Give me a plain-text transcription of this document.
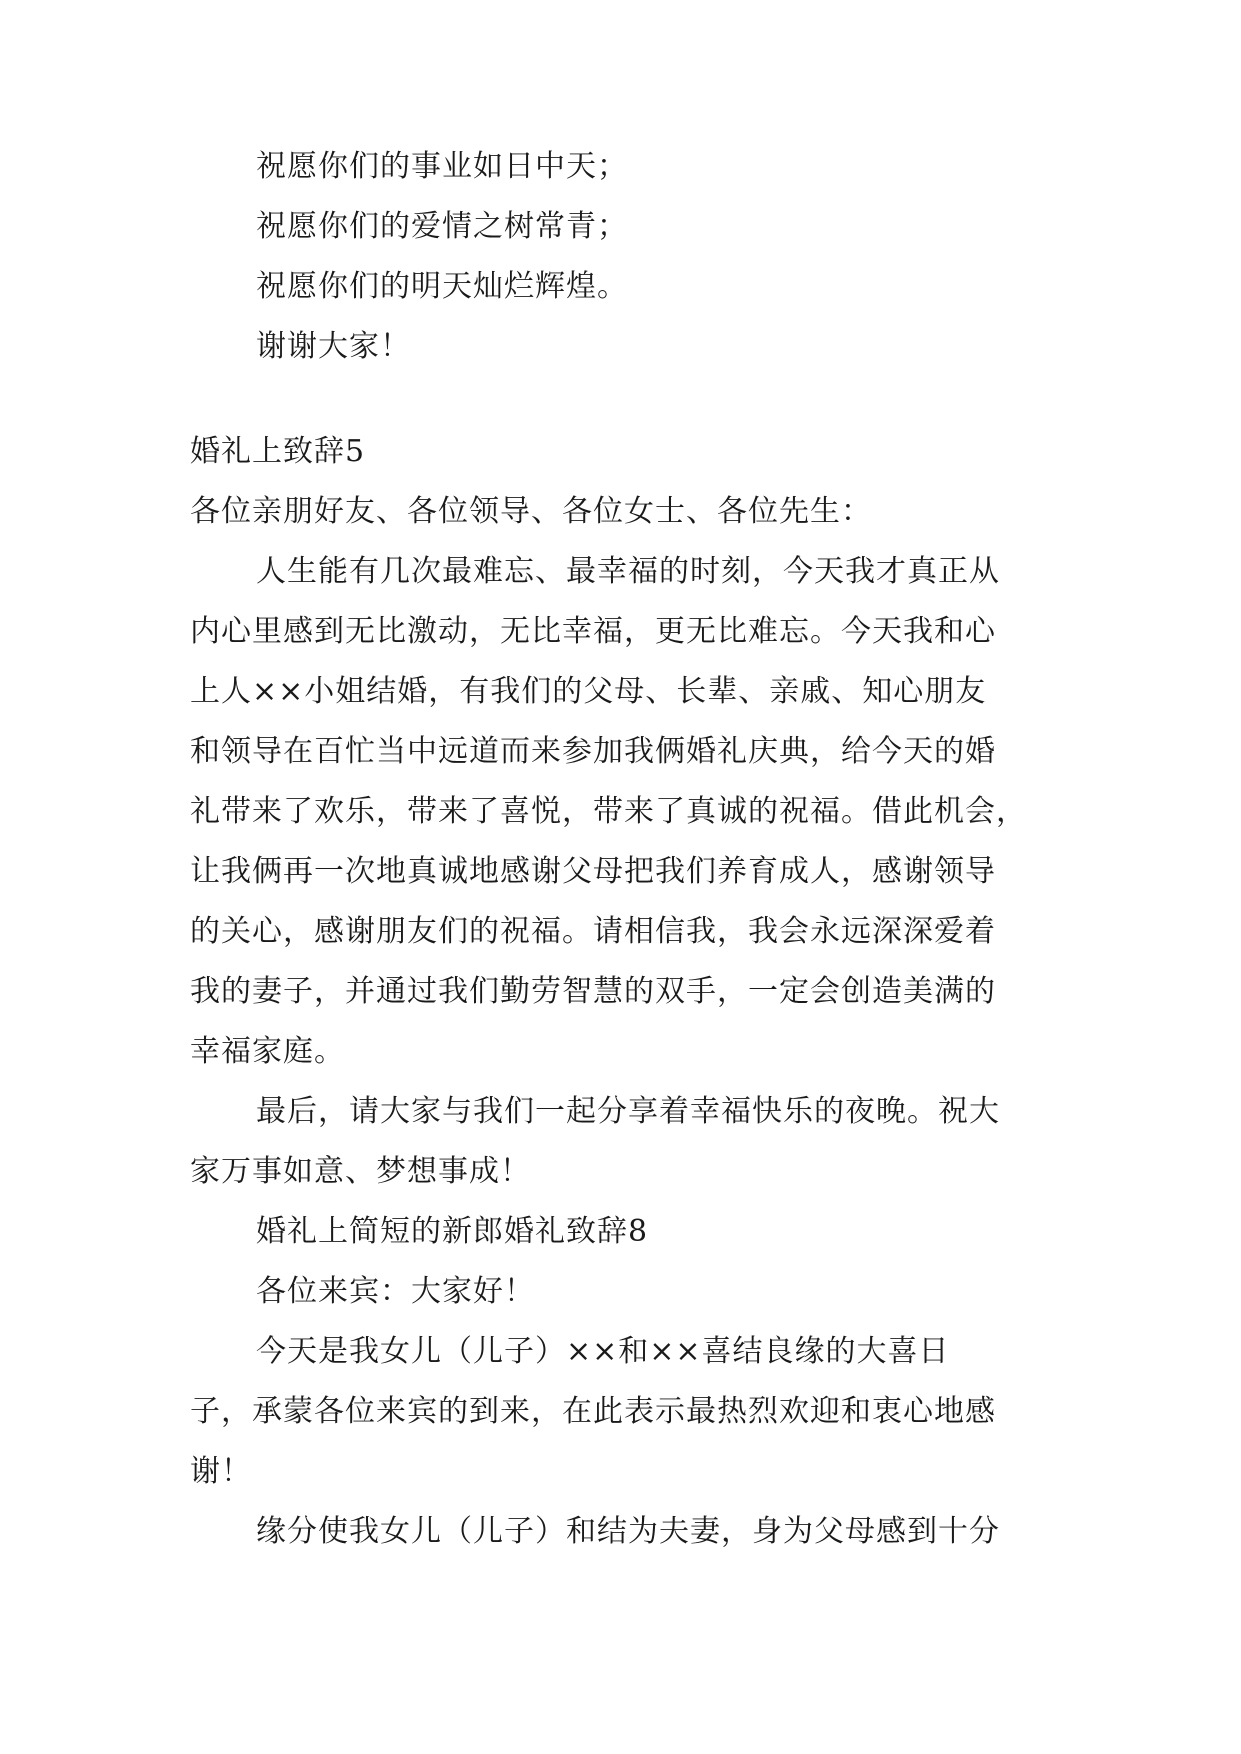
祝愿你们的事业如日中天；
祝愿你们的爱情之树常青；
祝愿你们的明天灿烂辉煌。
谢谢大家！
婚礼上致辞5
各位亲朋好友、各位领导、各位女士、各位先生：
人生能有几次最难忘、最幸福的时刻，今天我才真正从
内心里感到无比激动，无比幸福，更无比难忘。今天我和心
上人××小姐结婚，有我们的父母、长辈、亲戚、知心朋友
和领导在百忙当中远道而来参加我俩婚礼庆典，给今天的婚
礼带来了欢乐，带来了喜悦，带来了真诚的祝福。借此机会，
让我俩再一次地真诚地感谢父母把我们养育成人，感谢领导
的关心，感谢朋友们的祝福。请相信我，我会永远深深爱着
我的妻子，并通过我们勤劳智慧的双手，一定会创造美满的
幸福家庭。
最后，请大家与我们一起分享着幸福快乐的夜晚。祝大
家万事如意、梦想事成！
婚礼上简短的新郎婚礼致辞8
各位来宾：大家好！
今天是我女儿（儿子）××和××喜结良缘的大喜日
子，承蒙各位来宾的到来，在此表示最热烈欢迎和衷心地感
谢！
缘分使我女儿（儿子）和结为夫妻，身为父母感到十分
